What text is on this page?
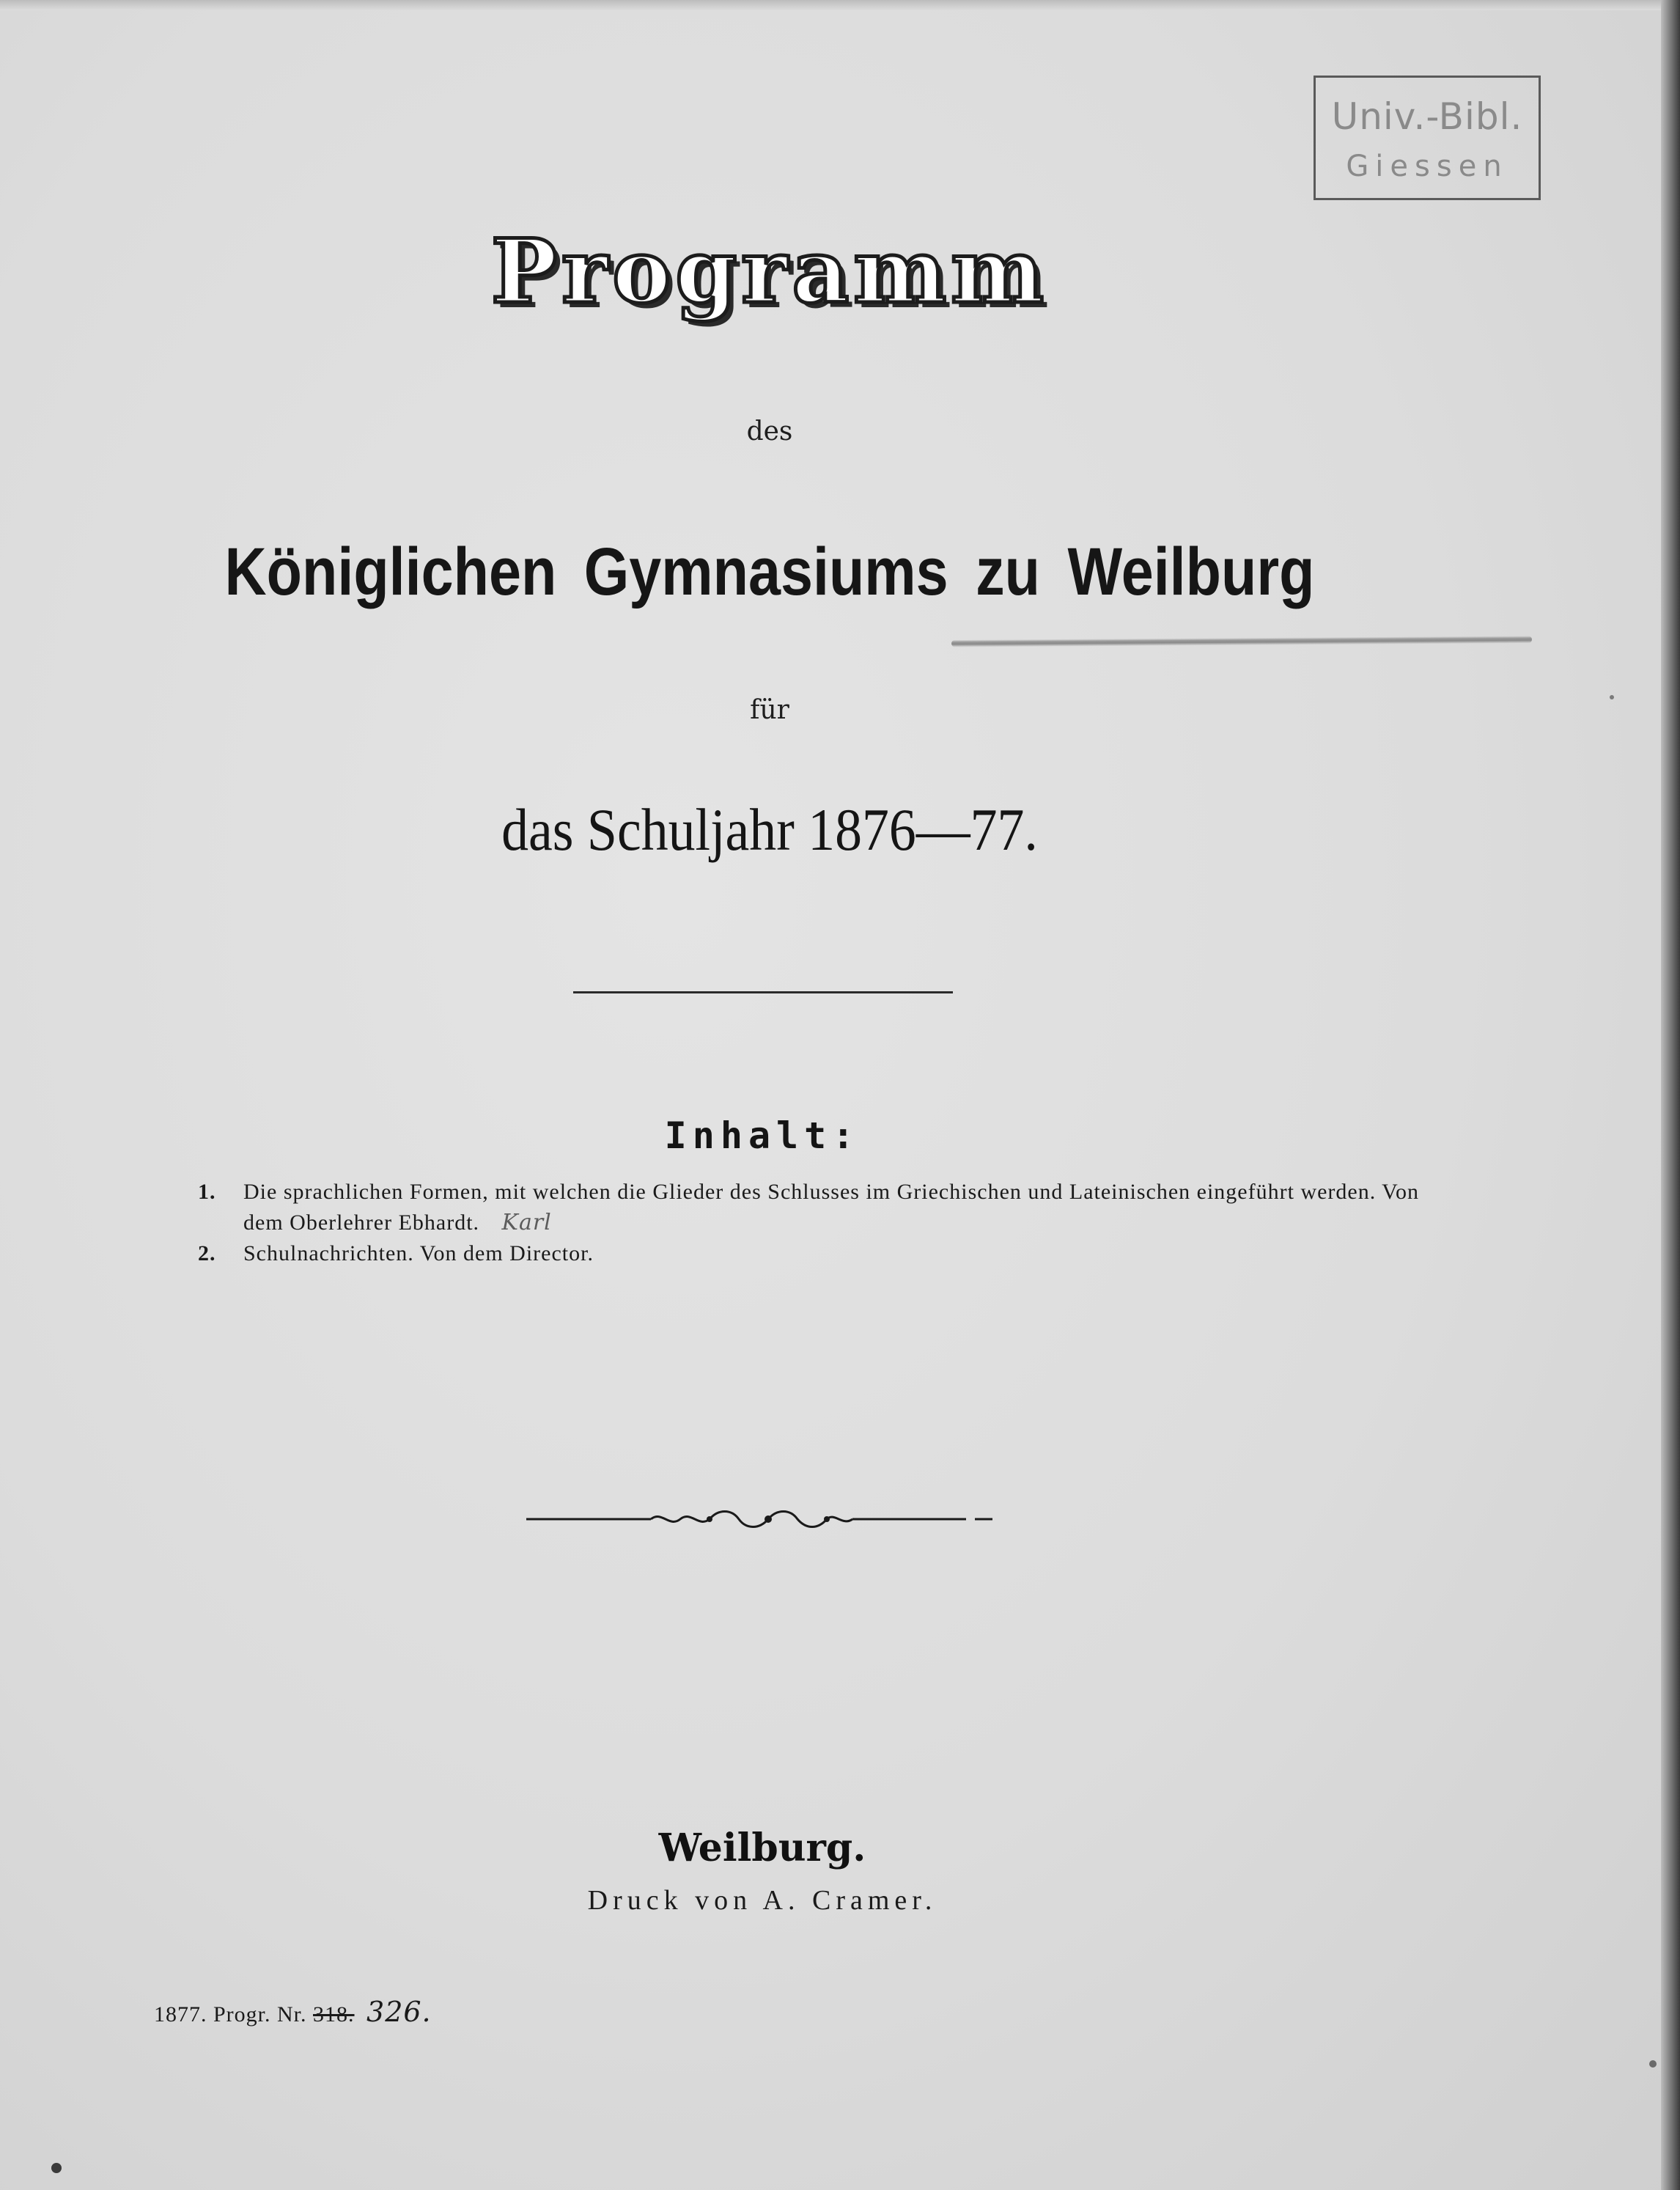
Univ.-Bibl.
Giessen
Programm
des
Königlichen Gymnasiums zu Weilburg
für
das Schuljahr 1876—77.
Inhalt:
1. Die sprachlichen Formen, mit welchen die Glieder des Schlusses im Griechischen und Lateinischen eingeführt werden. Von dem Oberlehrer Ebhardt. Karl
2. Schulnachrichten. Von dem Director.
Weilburg.
Druck von A. Cramer.
1877. Progr. Nr. 318. 326.
